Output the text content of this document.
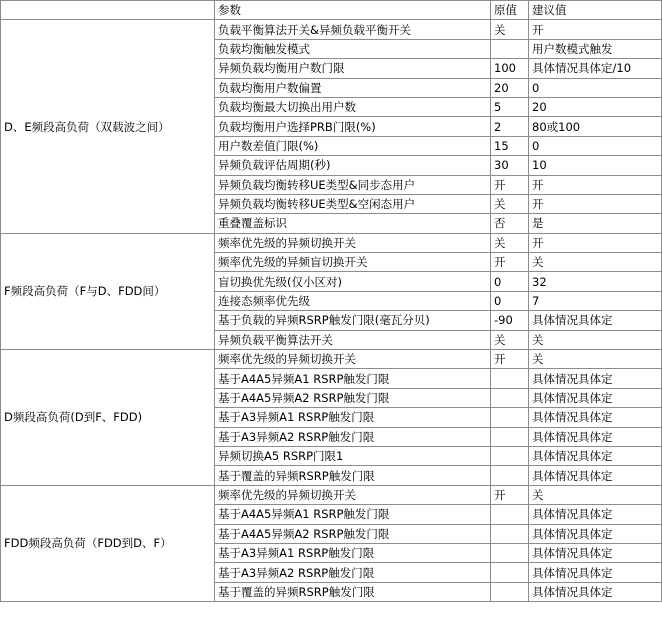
	参数	原值	建议值
D、E频段高负荷（双载波之间）	负载平衡算法开关&异频负载平衡开关	关	开
	负载均衡触发模式		用户数模式触发
	异频负载均衡用户数门限	100	具体情况具体定/10
	负载均衡用户数偏置	20	0
	负载均衡最大切换出用户数	5	20
	负载均衡用户选择PRB门限(%)	2	80或100
	用户数差值门限(%)	15	0
	异频负载评估周期(秒)	30	10
	异频负载均衡转移UE类型&同步态用户	开	开
	异频负载均衡转移UE类型&空闲态用户	关	开
	重叠覆盖标识	否	是
F频段高负荷（F与D、FDD间）	频率优先级的异频切换开关	关	开
	频率优先级的异频盲切换开关	开	关
	盲切换优先级(仅小区对)	0	32
	连接态频率优先级	0	7
	基于负载的异频RSRP触发门限(毫瓦分贝)	-90	具体情况具体定
	异频负载平衡算法开关	关	关
D频段高负荷(D到F、FDD)	频率优先级的异频切换开关	开	关
	基于A4A5异频A1 RSRP触发门限		具体情况具体定
	基于A4A5异频A2 RSRP触发门限		具体情况具体定
	基于A3异频A1 RSRP触发门限		具体情况具体定
	基于A3异频A2 RSRP触发门限		具体情况具体定
	异频切换A5 RSRP门限1		具体情况具体定
	基于覆盖的异频RSRP触发门限		具体情况具体定
FDD频段高负荷（FDD到D、F）	频率优先级的异频切换开关	开	关
	基于A4A5异频A1 RSRP触发门限		具体情况具体定
	基于A4A5异频A2 RSRP触发门限		具体情况具体定
	基于A3异频A1 RSRP触发门限		具体情况具体定
	基于A3异频A2 RSRP触发门限		具体情况具体定
	基于覆盖的异频RSRP触发门限		具体情况具体定
